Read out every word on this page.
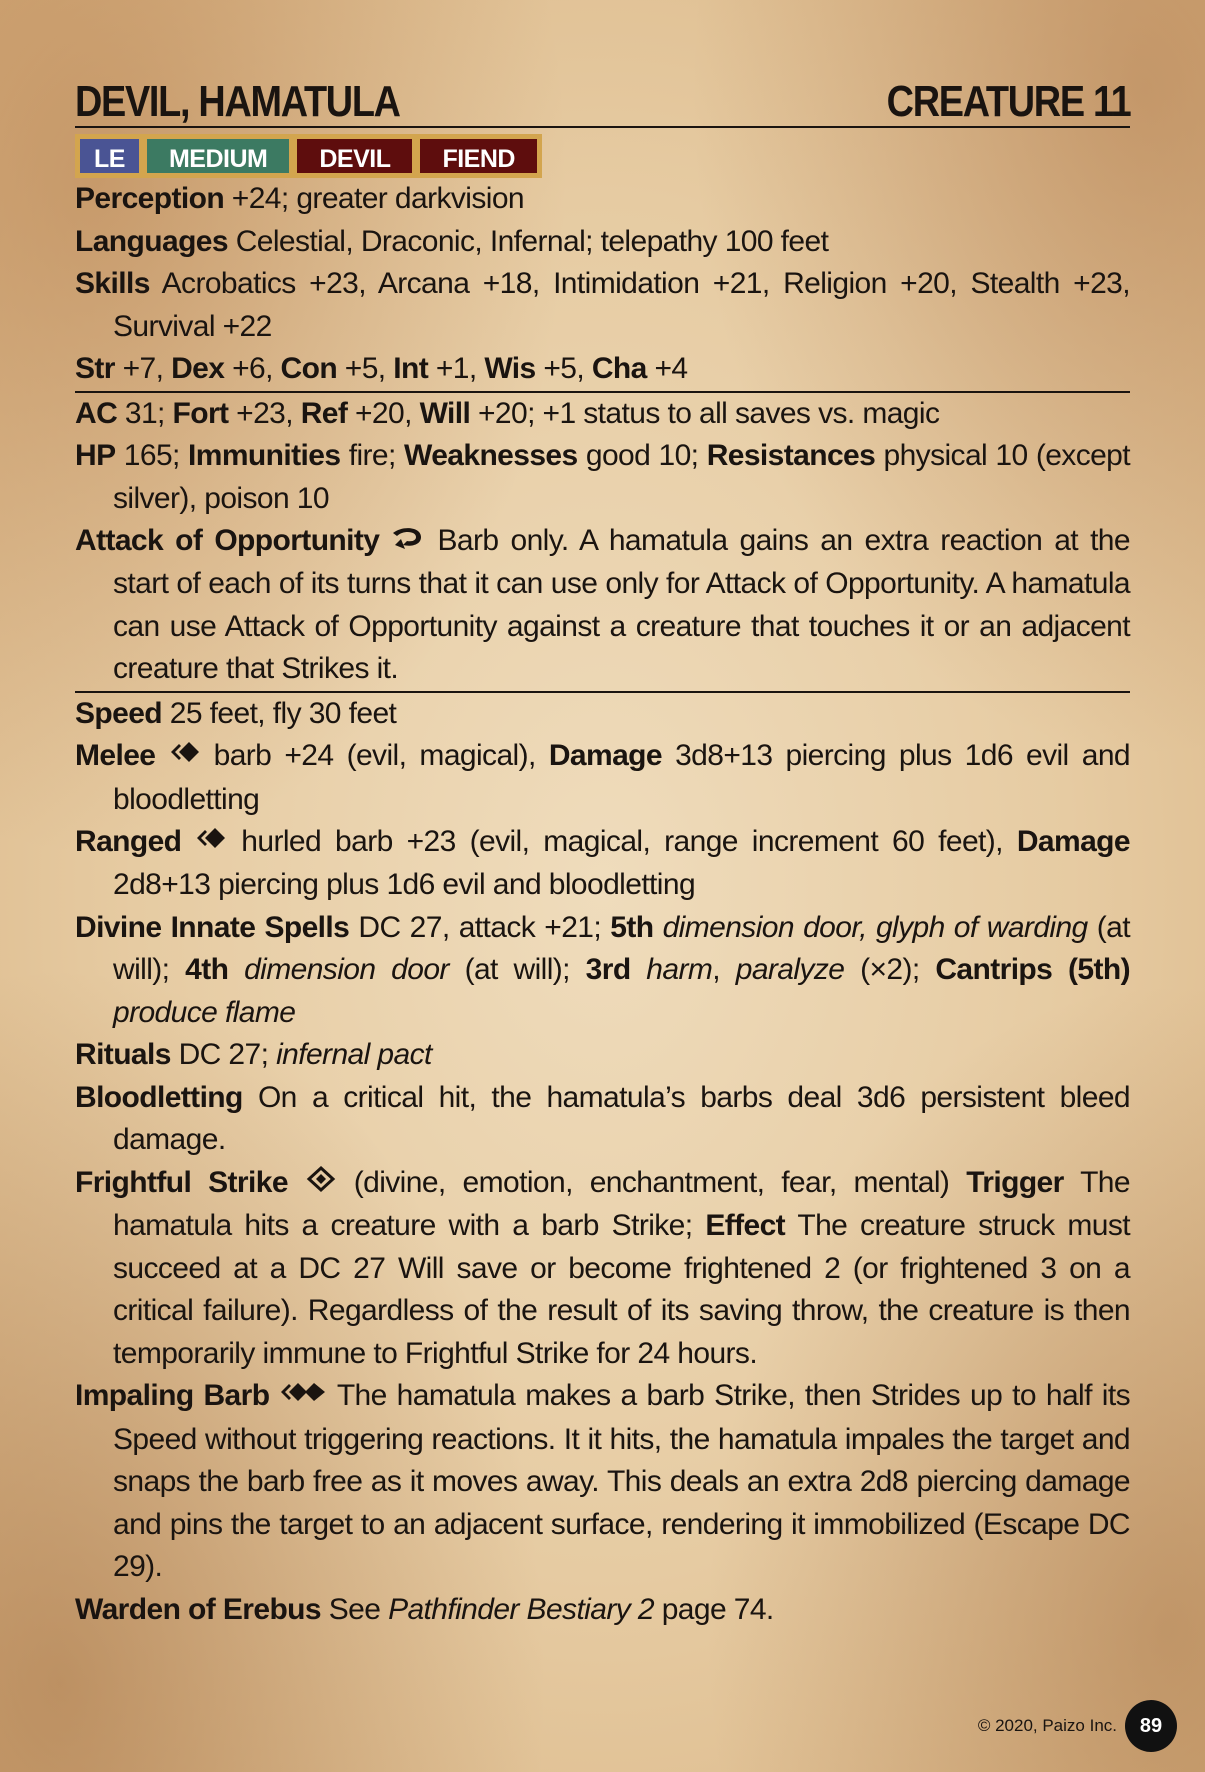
DEVIL, HAMATULA	CREATURE 11
LE	MEDIUM	DEVIL	FIEND

Perception +24; greater darkvision

Languages Celestial, Draconic, Infernal; telepathy 100 feet

Skills Acrobatics +23, Arcana +18, Intimidation +21, Religion +20, Stealth +23, Survival +22

Str +7, Dex +6, Con +5, Int +1, Wis +5, Cha +4

AC 31; Fort +23, Ref +20, Will +20; +1 status to all saves vs. magic

HP 165; Immunities fire; Weaknesses good 10; Resistances physical 10 (except silver), poison 10

Attack of Opportunity  Barb only. A hamatula gains an extra reaction at the start of each of its turns that it can use only for Attack of Opportunity. A hamatula can use Attack of Opportunity against a creature that touches it or an adjacent creature that Strikes it.

Speed 25 feet, fly 30 feet

Melee  barb +24 (evil, magical), Damage 3d8+13 piercing plus 1d6 evil and bloodletting

Ranged  hurled barb +23 (evil, magical, range increment 60 feet), Damage 2d8+13 piercing plus 1d6 evil and bloodletting

Divine Innate Spells DC 27, attack +21; 5th dimension door, glyph of warding (at will); 4th dimension door (at will); 3rd harm, paralyze (×2); Cantrips (5th) produce flame

Rituals DC 27; infernal pact

Bloodletting On a critical hit, the hamatula’s barbs deal 3d6 persistent bleed damage.

Frightful Strike  (divine, emotion, enchantment, fear, mental) Trigger The hamatula hits a creature with a barb Strike; Effect The creature struck must succeed at a DC 27 Will save or become frightened 2 (or frightened 3 on a critical failure). Regardless of the result of its saving throw, the creature is then temporarily immune to Frightful Strike for 24 hours.

Impaling Barb  The hamatula makes a barb Strike, then Strides up to half its Speed without triggering reactions. It it hits, the hamatula impales the target and snaps the barb free as it moves away. This deals an extra 2d8 piercing damage and pins the target to an adjacent surface, rendering it immobilized (Escape DC 29).

Warden of Erebus See Pathfinder Bestiary 2 page 74.

© 2020, Paizo Inc.	89
